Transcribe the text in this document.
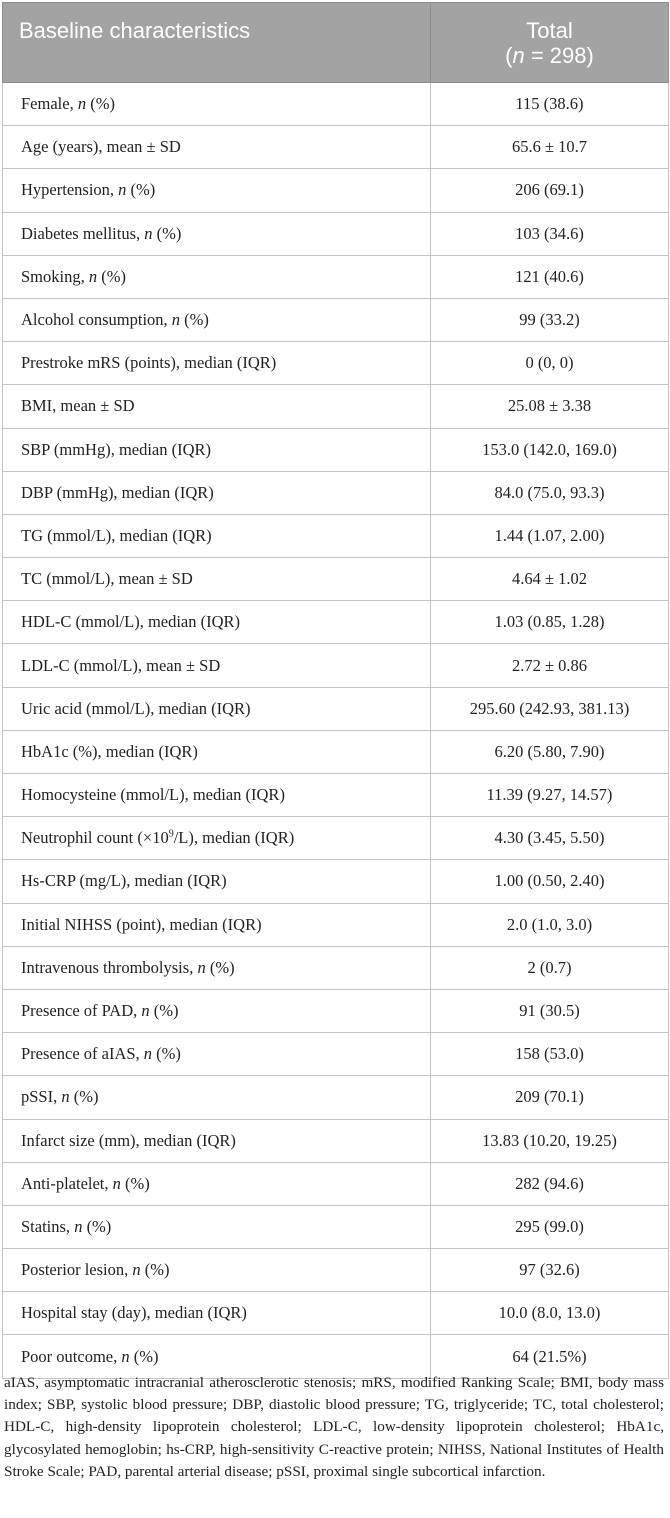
Baseline characteristics	Total
(n = 298)
Female, n (%)	115 (38.6)
Age (years), mean ± SD	65.6 ± 10.7
Hypertension, n (%)	206 (69.1)
Diabetes mellitus, n (%)	103 (34.6)
Smoking, n (%)	121 (40.6)
Alcohol consumption, n (%)	99 (33.2)
Prestroke mRS (points), median (IQR)	0 (0, 0)
BMI, mean ± SD	25.08 ± 3.38
SBP (mmHg), median (IQR)	153.0 (142.0, 169.0)
DBP (mmHg), median (IQR)	84.0 (75.0, 93.3)
TG (mmol/L), median (IQR)	1.44 (1.07, 2.00)
TC (mmol/L), mean ± SD	4.64 ± 1.02
HDL-C (mmol/L), median (IQR)	1.03 (0.85, 1.28)
LDL-C (mmol/L), mean ± SD	2.72 ± 0.86
Uric acid (mmol/L), median (IQR)	295.60 (242.93, 381.13)
HbA1c (%), median (IQR)	6.20 (5.80, 7.90)
Homocysteine (mmol/L), median (IQR)	11.39 (9.27, 14.57)
Neutrophil count $(\times 10^9/L)$, median (IQR)	4.30 (3.45, 5.50)
Hs-CRP (mg/L), median (IQR)	1.00 (0.50, 2.40)
Initial NIHSS (point), median (IQR)	2.0 (1.0, 3.0)
Intravenous thrombolysis, n (%)	2 (0.7)
Presence of PAD, n (%)	91 (30.5)
Presence of aIAS, n (%)	158 (53.0)
pSSI, n (%)	209 (70.1)
Infarct size (mm), median (IQR)	13.83 (10.20, 19.25)
Anti-platelet, n (%)	282 (94.6)
Statins, n (%)	295 (99.0)
Posterior lesion, n (%)	97 (32.6)
Hospital stay (day), median (IQR)	10.0 (8.0, 13.0)
Poor outcome, n (%)	64 (21.5%)
aIAS, asymptomatic intracranial atherosclerotic stenosis; mRS, modified Ranking Scale; BMI, body mass index; SBP, systolic blood pressure; DBP, diastolic blood pressure; TG, triglyceride; TC, total cholesterol; HDL-C, high-density lipoprotein cholesterol; LDL-C, low-density lipoprotein cholesterol; HbA1c, glycosylated hemoglobin; hs-CRP, high-sensitivity C-reactive protein; NIHSS, National Institutes of Health Stroke Scale; PAD, parental arterial disease; pSSI, proximal single subcortical infarction.
